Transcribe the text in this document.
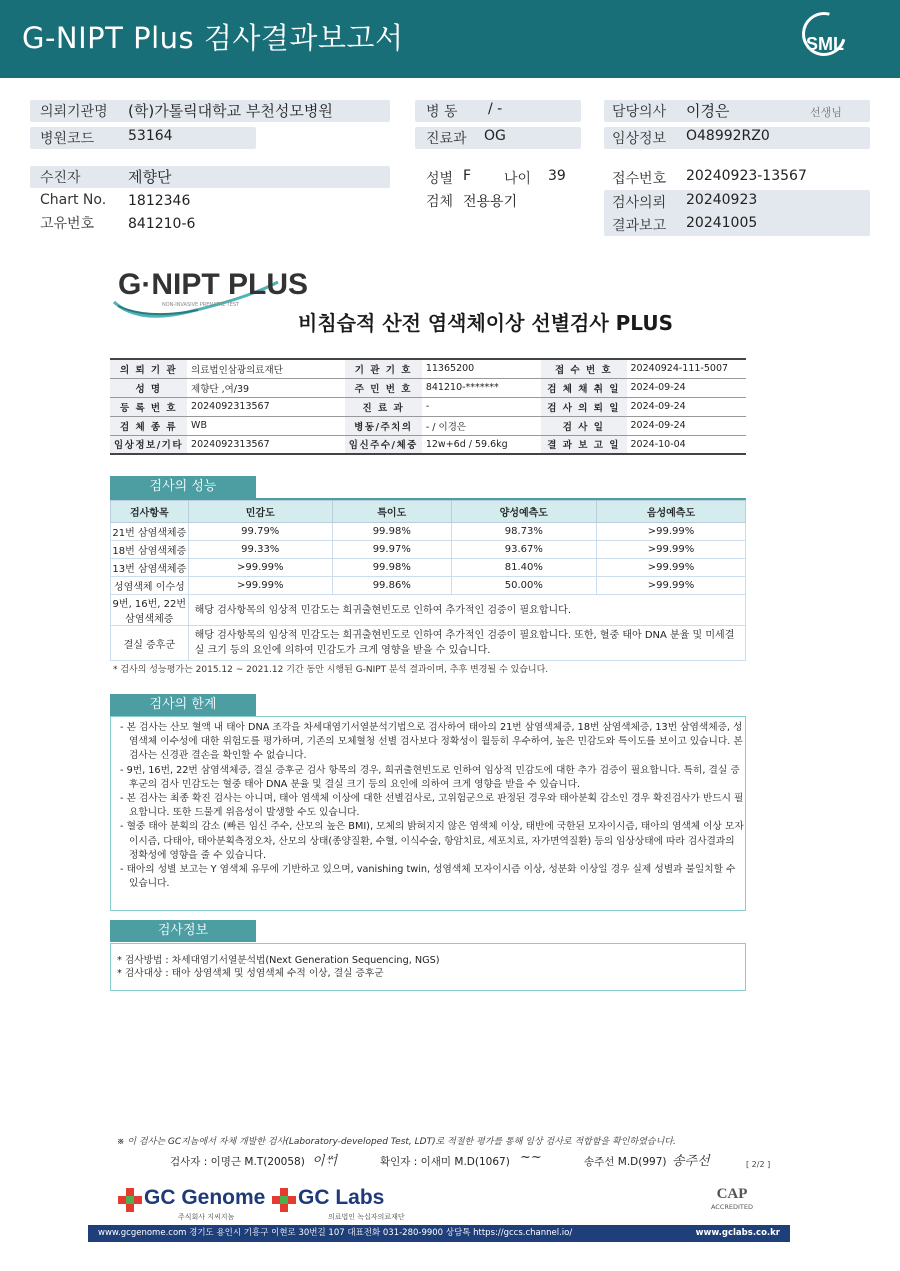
G-NIPT Plus 검사결과보고서	SML
의뢰기관명 (학)가톨릭대학교 부천성모병원
병원코드 53164
병 동 / -
진료과 OG
담당의사 이경은	선생님
임상정보 O48992RZ0
수진자	제향단
Chart No. 1812346
고유번호 841210-6
성별 F 나이 39
검체 전용용기
접수번호 20240923-13567
검사의뢰 20240923
결과보고 20241005
G·NIPT PLUS
NON-INVASIVE PRENATAL TEST
비침습적 산전 염색체이상 선별검사 PLUS
의 뢰 기 관	의료법인삼광의료재단	기 관 기 호	11365200	접 수 번 호	20240924-111-5007
성 명	제향단 ,여/39	주 민 번 호	841210-*******	검 체 채 취 일	2024-09-24
등 록 번 호	2024092313567	진 료 과	-	검 사 의 뢰 일	2024-09-24
검 체 종 류	WB	병동/주치의	- / 이경은	검 사 일	2024-09-24
임상정보/기타	2024092313567	임신주수/체중	12w+6d / 59.6kg	결 과 보 고 일	2024-10-04
검사의 성능
검사항목	민감도	특이도	양성예측도	음성예측도
21번 삼염색체증	99.79%	99.98%	98.73%	>99.99%
18번 삼염색체증	99.33%	99.97%	93.67%	>99.99%
13번 삼염색체증	>99.99%	99.98%	81.40%	>99.99%
성염색체 이수성	>99.99%	99.86%	50.00%	>99.99%
9번, 16번, 22번 삼염색체증	해당 검사항목의 임상적 민감도는 희귀출현빈도로 인하여 추가적인 검증이 필요합니다.			
결실 증후군	해당 검사항목의 임상적 민감도는 희귀출현빈도로 인하여 추가적인 검증이 필요합니다. 또한, 혈중 태아 DNA 분율 및 미세결실 크기 등의 요인에 의하여 민감도가 크게 영향을 받을 수 있습니다.			
* 검사의 성능평가는 2015.12 ~ 2021.12 기간 동안 시행된 G-NIPT 분석 결과이며, 추후 변경될 수 있습니다.
검사의 한계

- 본 검사는 산모 혈액 내 태아 DNA 조각을 차세대염기서열분석기법으로 검사하여 태아의 21번 삼염색체증, 18번 삼염색체증, 13번 삼염색체증, 성염색체 이수성에 대한 위험도를 평가하며, 기존의 모체혈청 선별 검사보다 정확성이 월등히 우수하여, 높은 민감도와 특이도를 보이고 있습니다. 본 검사는 신경관 결손을 확인할 수 없습니다.

- 9번, 16번, 22번 삼염색체증, 결실 증후군 검사 항목의 경우, 희귀출현빈도로 인하여 임상적 민감도에 대한 추가 검증이 필요합니다. 특히, 결실 증후군의 검사 민감도는 혈중 태아 DNA 분율 및 결실 크기 등의 요인에 의하여 크게 영향을 받을 수 있습니다.

- 본 검사는 최종 확진 검사는 아니며, 태아 염색체 이상에 대한 선별검사로, 고위험군으로 판정된 경우와 태아분획 감소인 경우 확진검사가 반드시 필요합니다. 또한 드물게 위음성이 발생할 수도 있습니다.

- 혈중 태아 분획의 감소 (빠른 임신 주수, 산모의 높은 BMI), 모체의 밝혀지지 않은 염색체 이상, 태반에 국한된 모자이시즘, 태아의 염색체 이상 모자이시즘, 다태아, 태아분획측정오차, 산모의 상태(종양질환, 수혈, 이식수술, 항암치료, 세포치료, 자가면역질환) 등의 임상상태에 따라 검사결과의 정확성에 영향을 줄 수 있습니다.

- 태아의 성별 보고는 Y 염색체 유무에 기반하고 있으며, vanishing twin, 성염색체 모자이시즘 이상, 성분화 이상일 경우 실제 성별과 불일치할 수 있습니다.

검사정보

* 검사방법 : 차세대염기서열분석법(Next Generation Sequencing, NGS)

* 검사대상 : 태아 상염색체 및 성염색체 수적 이상, 결실 증후군

※ 이 검사는 GC지놈에서 자체 개발한 검사(Laboratory-developed Test, LDT)로 적절한 평가를 통해 임상 검사로 적합함을 확인하였습니다.
검사자 : 이명근 M.T(20058) 이ᄊᆟ	확인자 : 이새미 M.D(1067) ~~	송주선 M.D(997) 송주선	[ 2/2 ]
GC Genome
주식회사 지씨지놈
GC Labs
의료법인 녹십자의료재단
CAP
ACCREDITED
www.gcgenome.com 경기도 용인시 기흥구 이현로 30번길 107 대표전화 031-280-9900 상담톡 https://gccs.channel.io/	www.gclabs.co.kr
